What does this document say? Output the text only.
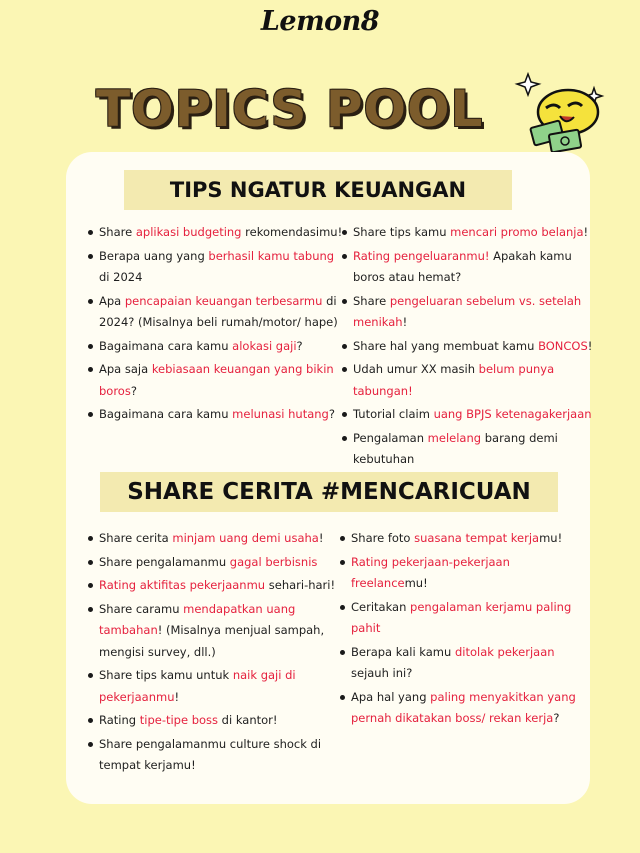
Lemon8
TOPICS POOL
TIPS NGATUR KEUANGAN
Share aplikasi budgeting rekomendasimu!
Berapa uang yang berhasil kamu tabung di 2024
Apa pencapaian keuangan terbesarmu di 2024? (Misalnya beli rumah/motor/ hape)
Bagaimana cara kamu alokasi gaji?
Apa saja kebiasaan keuangan yang bikin boros?
Bagaimana cara kamu melunasi hutang?
Share tips kamu mencari promo belanja!
Rating pengeluaranmu! Apakah kamu boros atau hemat?
Share pengeluaran sebelum vs. setelah menikah!
Share hal yang membuat kamu BONCOS!
Udah umur XX masih belum punya tabungan!
Tutorial claim uang BPJS ketenagakerjaan
Pengalaman melelang barang demi kebutuhan
SHARE CERITA #MENCARICUAN
Share cerita minjam uang demi usaha!
Share pengalamanmu gagal berbisnis
Rating aktifitas pekerjaanmu sehari-hari!
Share caramu mendapatkan uang tambahan! (Misalnya menjual sampah, mengisi survey, dll.)
Share tips kamu untuk naik gaji di pekerjaanmu!
Rating tipe-tipe boss di kantor!
Share pengalamanmu culture shock di tempat kerjamu!
Share foto suasana tempat kerjamu!
Rating pekerjaan-pekerjaan freelancemu!
Ceritakan pengalaman kerjamu paling pahit
Berapa kali kamu ditolak pekerjaan sejauh ini?
Apa hal yang paling menyakitkan yang pernah dikatakan boss/ rekan kerja?
